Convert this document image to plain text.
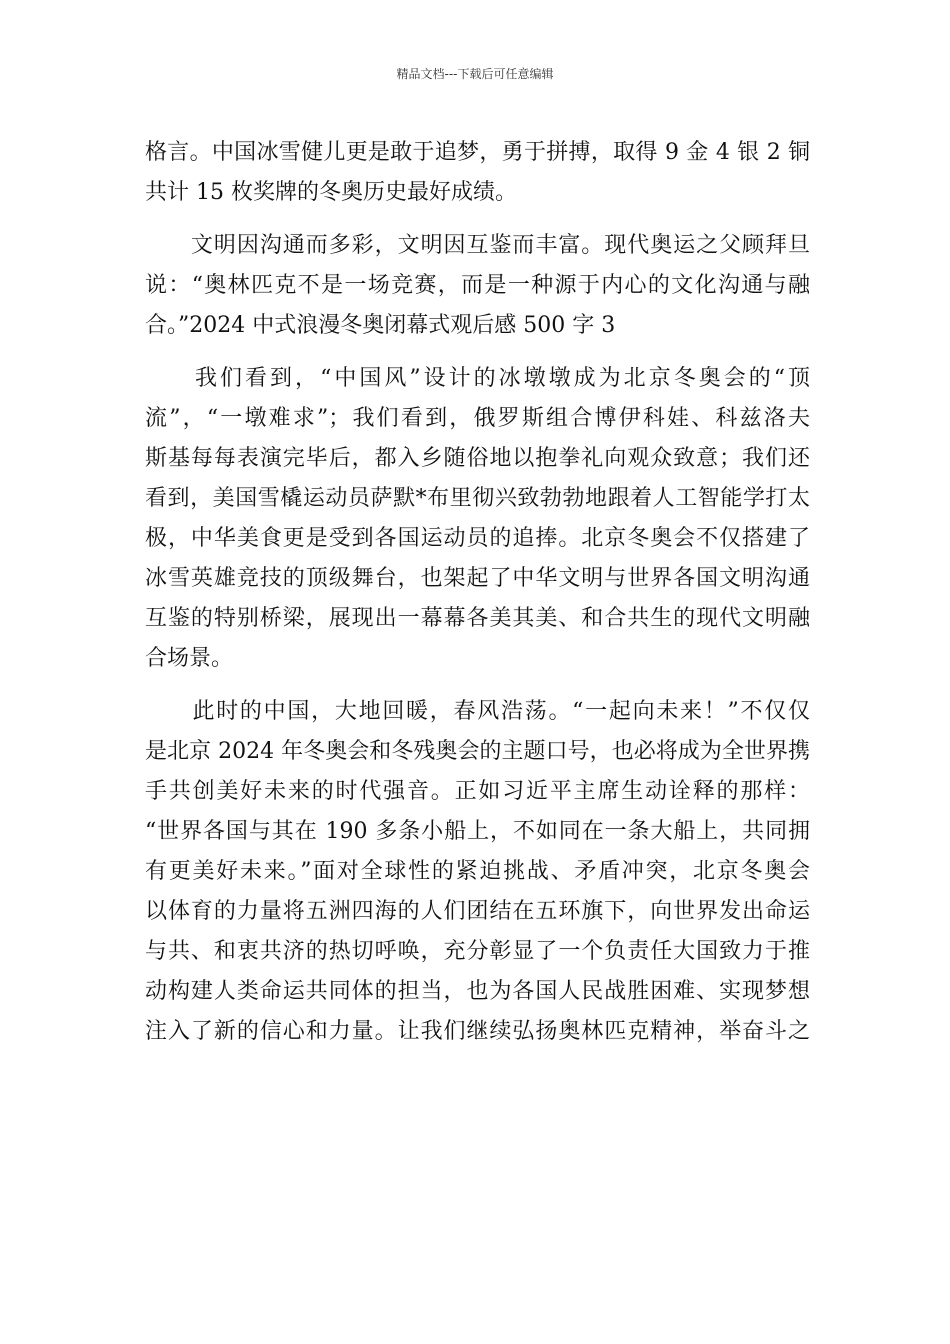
精品文档---下载后可任意编辑
格言。中国冰雪健儿更是敢于追梦，勇于拼搏，取得 9 金 4 银 2 铜
共计 15 枚奖牌的冬奥历史最好成绩。
　　文明因沟通而多彩，文明因互鉴而丰富。现代奥运之父顾拜旦
说：“奥林匹克不是一场竞赛，而是一种源于内心的文化沟通与融
合。”2024 中式浪漫冬奥闭幕式观后感 500 字 3
　　我们看到，“中国风”设计的冰墩墩成为北京冬奥会的“顶
流”，“一墩难求”；我们看到，俄罗斯组合博伊科娃、科兹洛夫
斯基每每表演完毕后，都入乡随俗地以抱拳礼向观众致意；我们还
看到，美国雪橇运动员萨默*布里彻兴致勃勃地跟着人工智能学打太
极，中华美食更是受到各国运动员的追捧。北京冬奥会不仅搭建了
冰雪英雄竞技的顶级舞台，也架起了中华文明与世界各国文明沟通
互鉴的特别桥梁，展现出一幕幕各美其美、和合共生的现代文明融
合场景。
　　此时的中国，大地回暖，春风浩荡。“一起向未来！”不仅仅
是北京 2024 年冬奥会和冬残奥会的主题口号，也必将成为全世界携
手共创美好未来的时代强音。正如习近平主席生动诠释的那样：
“世界各国与其在 190 多条小船上，不如同在一条大船上，共同拥
有更美好未来。”面对全球性的紧迫挑战、矛盾冲突，北京冬奥会
以体育的力量将五洲四海的人们团结在五环旗下，向世界发出命运
与共、和衷共济的热切呼唤，充分彰显了一个负责任大国致力于推
动构建人类命运共同体的担当，也为各国人民战胜困难、实现梦想
注入了新的信心和力量。让我们继续弘扬奥林匹克精神，举奋斗之
